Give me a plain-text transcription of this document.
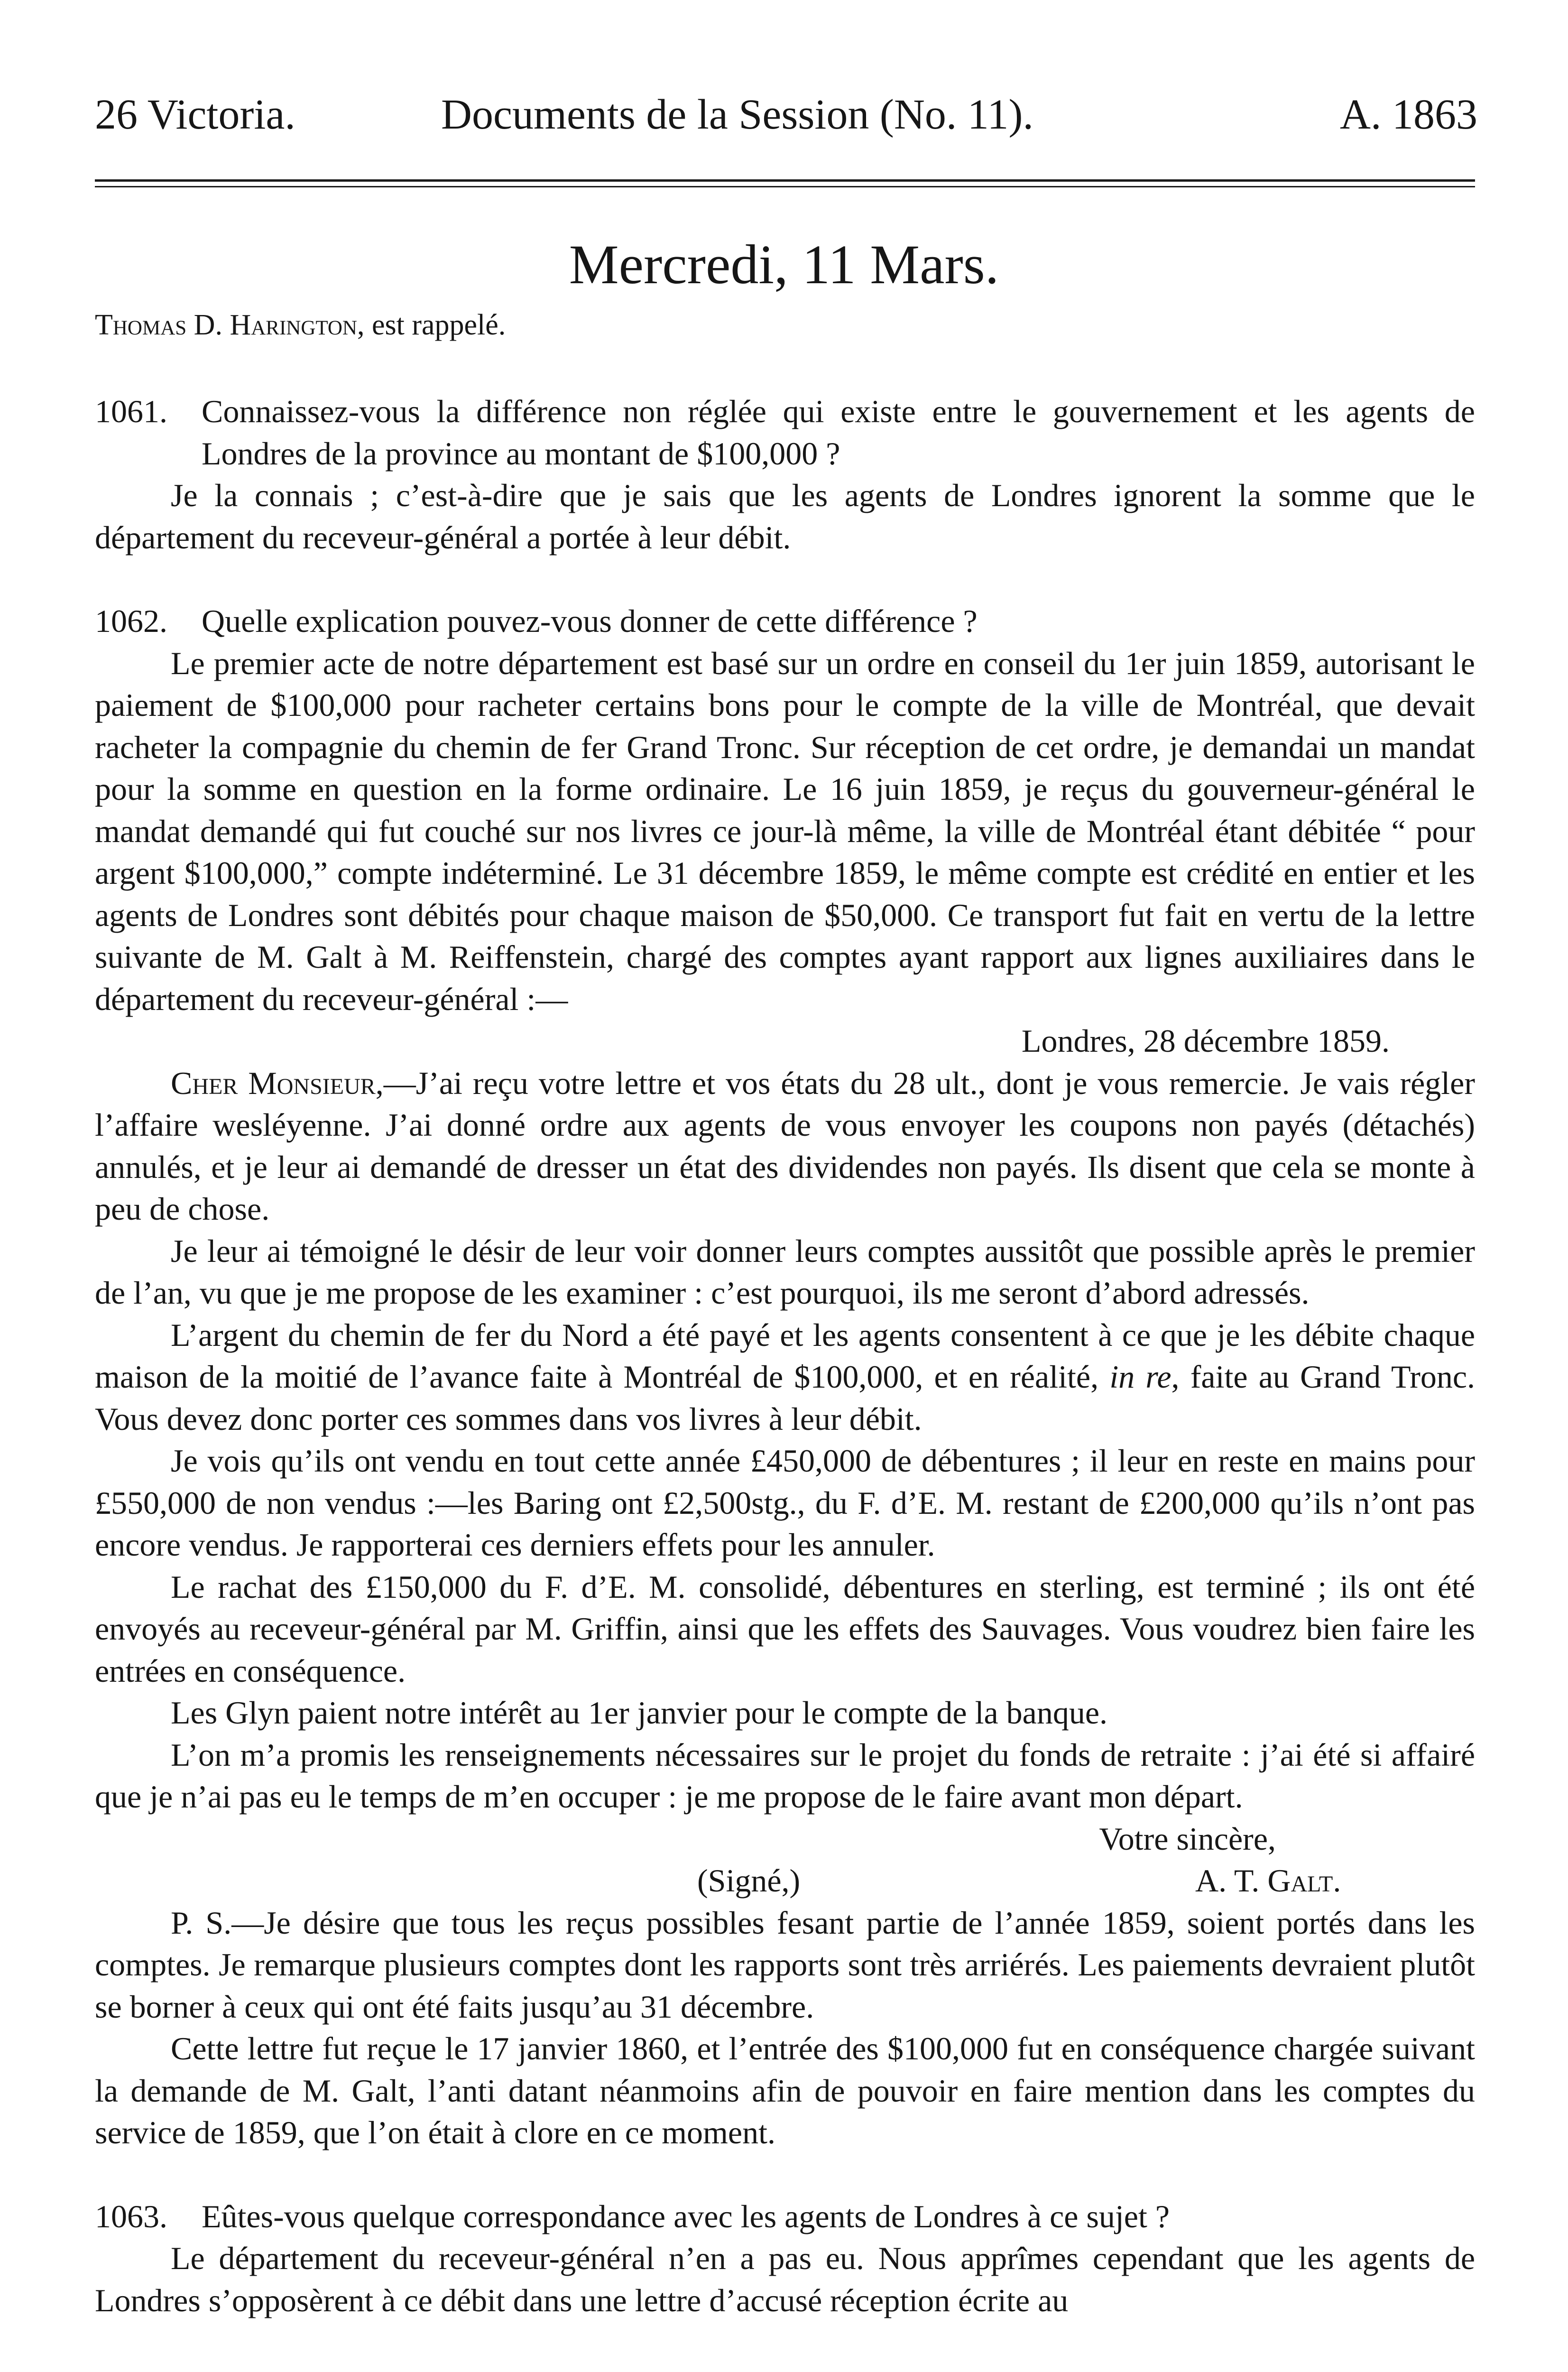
26 Victoria.	Documents de la Session (No. 11).	A. 1863
Mercredi, 11 Mars.
Thomas D. Harington, est rappelé.

1061. Connaissez-vous la différence non réglée qui existe entre le gouvernement et les agents de Londres de la province au montant de $100,000 ?

Je la connais ; c’est-à-dire que je sais que les agents de Londres ignorent la somme que le département du receveur-général a portée à leur débit.

1062. Quelle explication pouvez-vous donner de cette différence ?

Le premier acte de notre département est basé sur un ordre en conseil du 1er juin 1859, autorisant le paiement de $100,000 pour racheter certains bons pour le compte de la ville de Montréal, que devait racheter la compagnie du chemin de fer Grand Tronc. Sur réception de cet ordre, je demandai un mandat pour la somme en question en la forme ordinaire. Le 16 juin 1859, je reçus du gouverneur-général le mandat demandé qui fut couché sur nos livres ce jour-là même, la ville de Montréal étant débitée “ pour argent $100,000,” compte indéterminé. Le 31 décembre 1859, le même compte est crédité en entier et les agents de Londres sont débités pour chaque maison de $50,000. Ce transport fut fait en vertu de la lettre suivante de M. Galt à M. Reiffenstein, chargé des comptes ayant rapport aux lignes auxiliaires dans le département du receveur-général :—

Londres, 28 décembre 1859.

Cher Monsieur,—J’ai reçu votre lettre et vos états du 28 ult., dont je vous remercie. Je vais régler l’affaire wesléyenne. J’ai donné ordre aux agents de vous envoyer les coupons non payés (détachés) annulés, et je leur ai demandé de dresser un état des dividendes non payés. Ils disent que cela se monte à peu de chose.

Je leur ai témoigné le désir de leur voir donner leurs comptes aussitôt que possible après le premier de l’an, vu que je me propose de les examiner : c’est pourquoi, ils me seront d’abord adressés.

L’argent du chemin de fer du Nord a été payé et les agents consentent à ce que je les débite chaque maison de la moitié de l’avance faite à Montréal de $100,000, et en réalité, in re, faite au Grand Tronc. Vous devez donc porter ces sommes dans vos livres à leur débit.

Je vois qu’ils ont vendu en tout cette année £450,000 de débentures ; il leur en reste en mains pour £550,000 de non vendus :—les Baring ont £2,500stg., du F. d’E. M. restant de £200,000 qu’ils n’ont pas encore vendus. Je rapporterai ces derniers effets pour les annuler.

Le rachat des £150,000 du F. d’E. M. consolidé, débentures en sterling, est terminé ; ils ont été envoyés au receveur-général par M. Griffin, ainsi que les effets des Sauvages. Vous voudrez bien faire les entrées en conséquence.

Les Glyn paient notre intérêt au 1er janvier pour le compte de la banque.

L’on m’a promis les renseignements nécessaires sur le projet du fonds de retraite : j’ai été si affairé que je n’ai pas eu le temps de m’en occuper : je me propose de le faire avant mon départ.

Votre sincère,

(Signé,)	A. T. Galt.

P. S.—Je désire que tous les reçus possibles fesant partie de l’année 1859, soient portés dans les comptes. Je remarque plusieurs comptes dont les rapports sont très arriérés. Les paiements devraient plutôt se borner à ceux qui ont été faits jusqu’au 31 décembre.

Cette lettre fut reçue le 17 janvier 1860, et l’entrée des $100,000 fut en conséquence chargée suivant la demande de M. Galt, l’anti datant néanmoins afin de pouvoir en faire mention dans les comptes du service de 1859, que l’on était à clore en ce moment.

1063. Eûtes-vous quelque correspondance avec les agents de Londres à ce sujet ?

Le département du receveur-général n’en a pas eu. Nous apprîmes cependant que les agents de Londres s’opposèrent à ce débit dans une lettre d’accusé réception écrite au
